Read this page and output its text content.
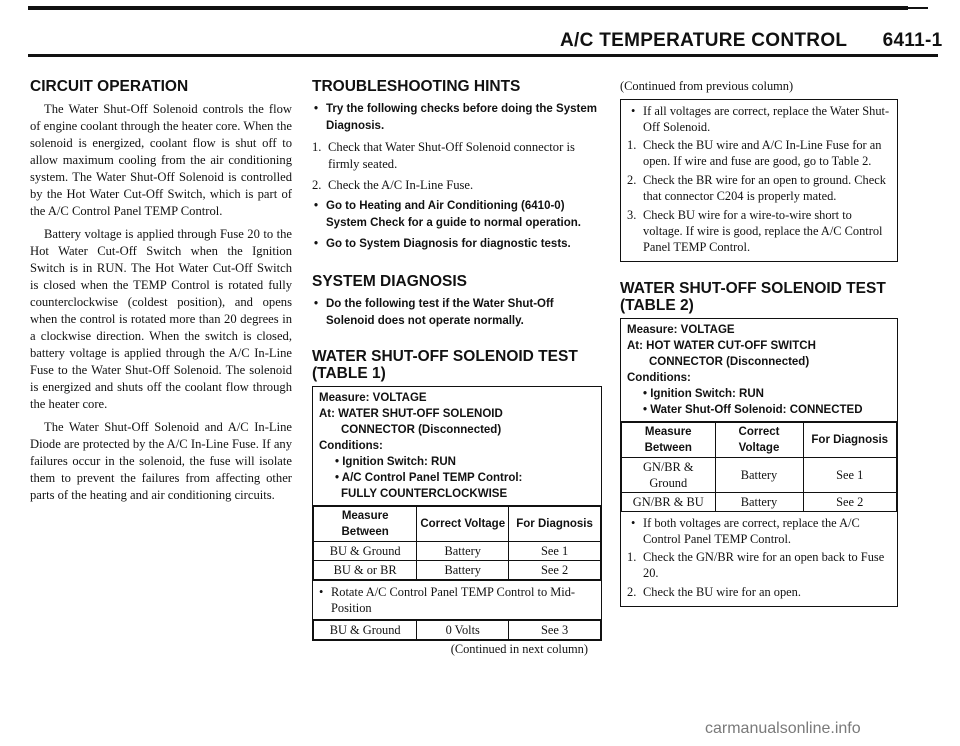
A/C TEMPERATURE CONTROL 6411-1
CIRCUIT OPERATION

The Water Shut-Off Solenoid controls the flow of engine coolant through the heater core. When the solenoid is energized, coolant flow is shut off to allow maximum cooling from the air conditioning system. The Water Shut-Off Solenoid is controlled by the Hot Water Cut-Off Switch, which is part of the A/C Control Panel TEMP Control.

Battery voltage is applied through Fuse 20 to the Hot Water Cut-Off Switch when the Ignition Switch is in RUN. The Hot Water Cut-Off Switch is closed when the TEMP Control is rotated fully counterclockwise (coldest position), and opens when the control is rotated more than 20 degrees in a clockwise direction. When the switch is closed, battery voltage is applied through the A/C In-Line Fuse to the Water Shut-Off Solenoid. The solenoid is energized and shuts off the coolant flow through the heater core.

The Water Shut-Off Solenoid and A/C In-Line Diode are protected by the A/C In-Line Fuse. If any failures occur in the solenoid, the fuse will isolate them to prevent the failures from affecting other parts of the heating and air conditioning circuits.

TROUBLESHOOTING HINTS
• Try the following checks before doing the System Diagnosis.
1. Check that Water Shut-Off Solenoid connector is firmly seated.
2. Check the A/C In-Line Fuse.
• Go to Heating and Air Conditioning (6410-0) System Check for a guide to normal operation.
• Go to System Diagnosis for diagnostic tests.
SYSTEM DIAGNOSIS
• Do the following test if the Water Shut-Off Solenoid does not operate normally.
WATER SHUT-OFF SOLENOID TEST (TABLE 1)
Measure: VOLTAGE
At: WATER SHUT-OFF SOLENOID
CONNECTOR (Disconnected)
Conditions:
• Ignition Switch: RUN
• A/C Control Panel TEMP Control:
FULLY COUNTERCLOCKWISE
Measure Between	Correct Voltage	For Diagnosis
BU & Ground	Battery	See 1
BU & or BR	Battery	See 2
• Rotate A/C Control Panel TEMP Control to Mid-Position
BU & Ground	0 Volts	See 3
(Continued in next column)
(Continued from previous column)
• If all voltages are correct, replace the Water Shut-Off Solenoid.
1. Check the BU wire and A/C In-Line Fuse for an open. If wire and fuse are good, go to Table 2.
2. Check the BR wire for an open to ground. Check that connector C204 is properly mated.
3. Check BU wire for a wire-to-wire short to voltage. If wire is good, replace the A/C Control Panel TEMP Control.
WATER SHUT-OFF SOLENOID TEST (TABLE 2)
Measure: VOLTAGE
At: HOT WATER CUT-OFF SWITCH
CONNECTOR (Disconnected)
Conditions:
• Ignition Switch: RUN
• Water Shut-Off Solenoid: CONNECTED
Measure Between	Correct Voltage	For Diagnosis
GN/BR & Ground	Battery	See 1
GN/BR & BU	Battery	See 2
• If both voltages are correct, replace the A/C Control Panel TEMP Control.
1. Check the GN/BR wire for an open back to Fuse 20.
2. Check the BU wire for an open.
carmanualsonline.info
